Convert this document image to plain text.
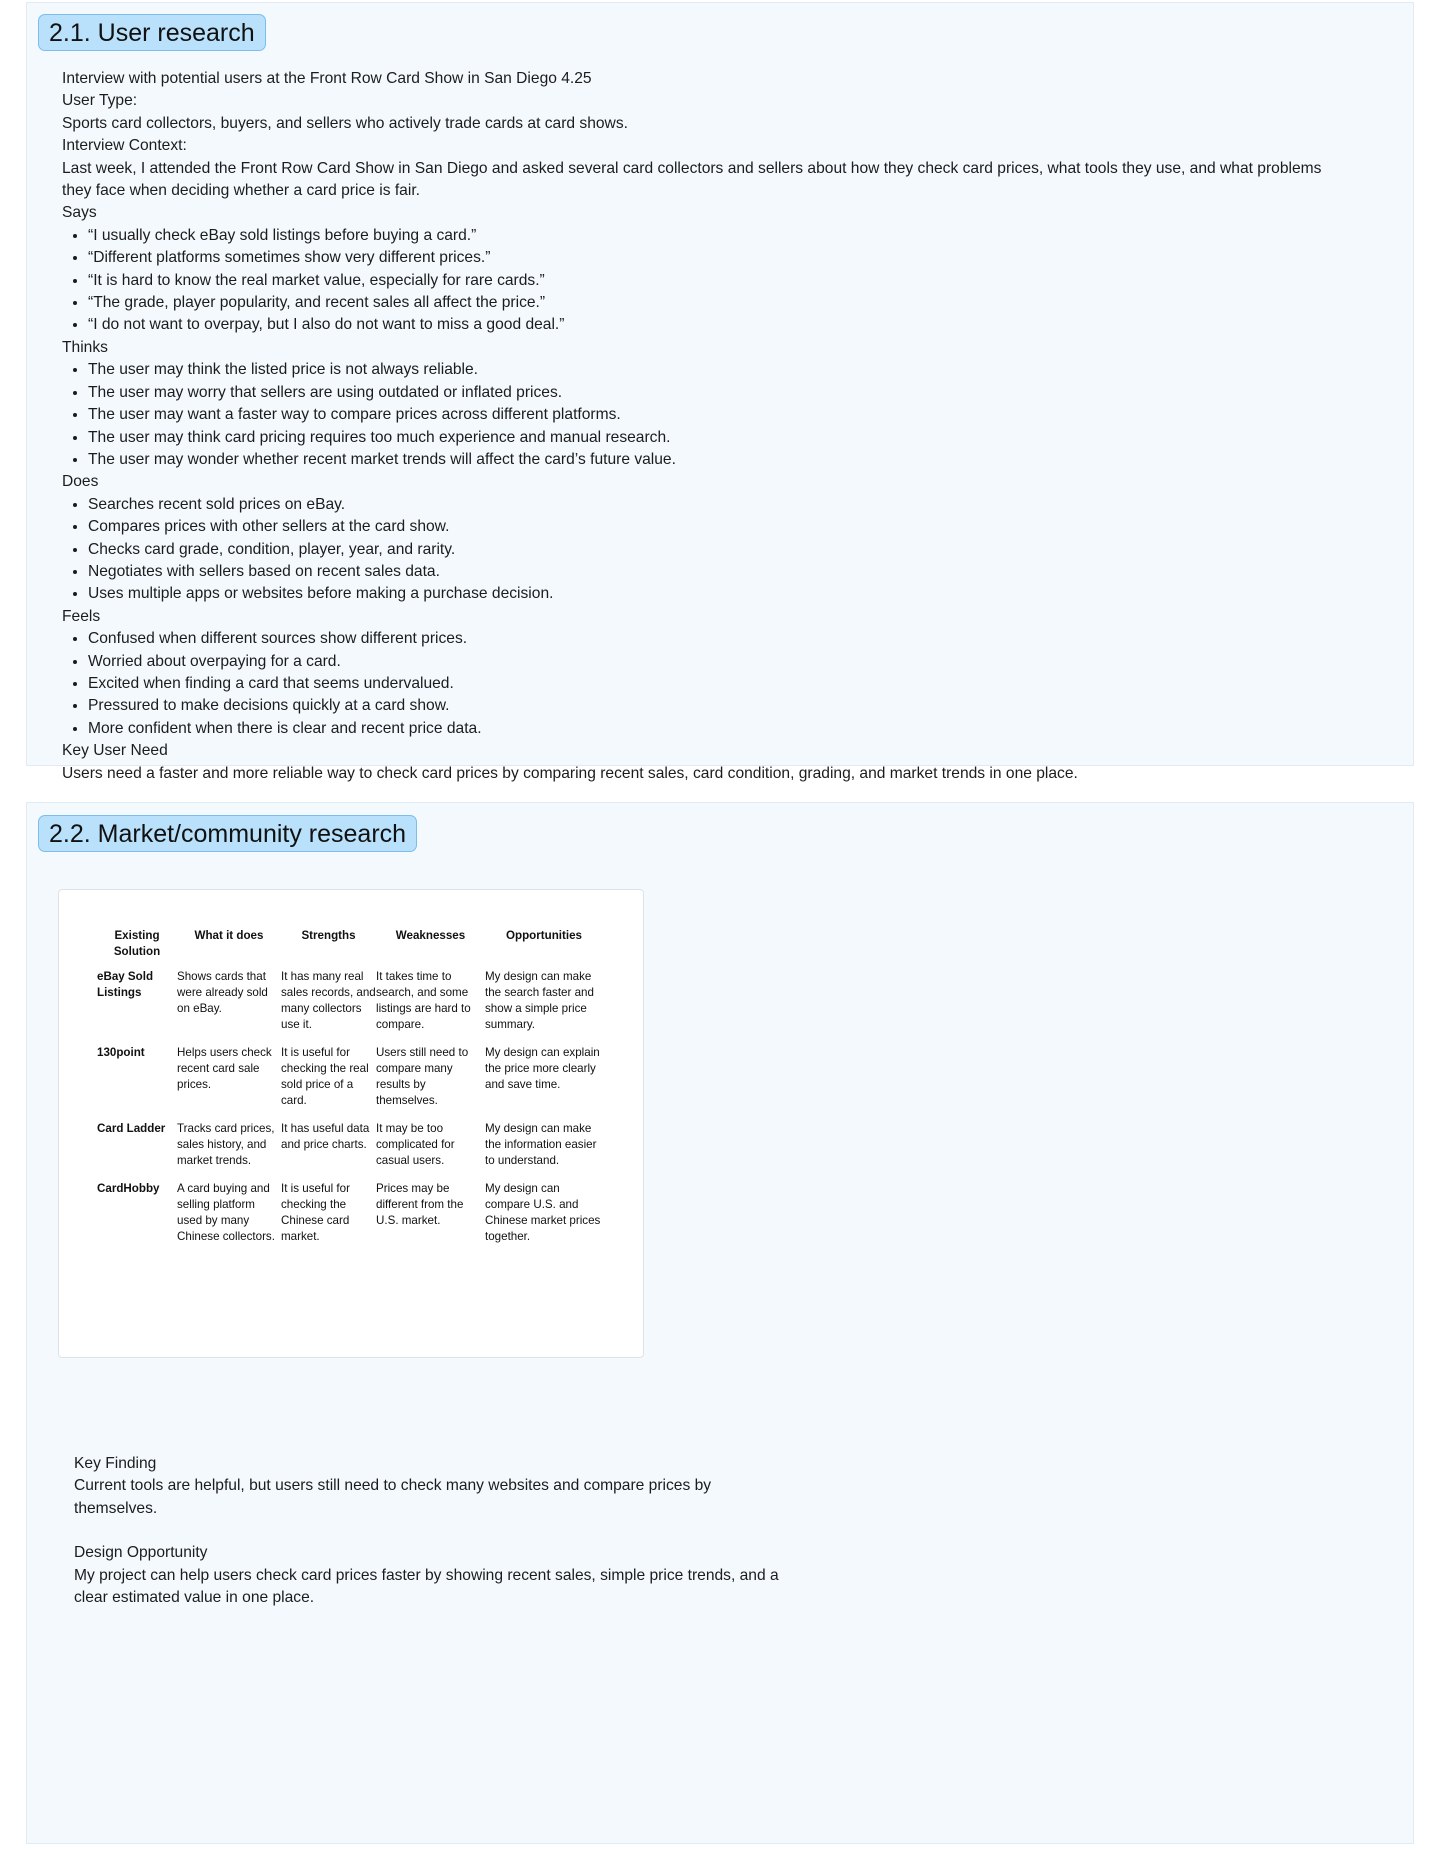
2.1. User research

Interview with potential users at the Front Row Card Show in San Diego 4.25

User Type:

Sports card collectors, buyers, and sellers who actively trade cards at card shows.

Interview Context:

Last week, I attended the Front Row Card Show in San Diego and asked several card collectors and sellers about how they check card prices, what tools they use, and what problems they face when deciding whether a card price is fair.

Says

• “I usually check eBay sold listings before buying a card.”
• “Different platforms sometimes show very different prices.”
• “It is hard to know the real market value, especially for rare cards.”
• “The grade, player popularity, and recent sales all affect the price.”
• “I do not want to overpay, but I also do not want to miss a good deal.”

Thinks

• The user may think the listed price is not always reliable.
• The user may worry that sellers are using outdated or inflated prices.
• The user may want a faster way to compare prices across different platforms.
• The user may think card pricing requires too much experience and manual research.
• The user may wonder whether recent market trends will affect the card’s future value.

Does

• Searches recent sold prices on eBay.
• Compares prices with other sellers at the card show.
• Checks card grade, condition, player, year, and rarity.
• Negotiates with sellers based on recent sales data.
• Uses multiple apps or websites before making a purchase decision.

Feels

• Confused when different sources show different prices.
• Worried about overpaying for a card.
• Excited when finding a card that seems undervalued.
• Pressured to make decisions quickly at a card show.
• More confident when there is clear and recent price data.

Key User Need

Users need a faster and more reliable way to check card prices by comparing recent sales, card condition, grading, and market trends in one place.

2.2. Market/community research
Existing Solution	What it does	Strengths	Weaknesses	Opportunities
eBay Sold Listings	Shows cards that were already sold on eBay.	It has many real sales records, and many collectors use it.	It takes time to search, and some listings are hard to compare.	My design can make the search faster and show a simple price summary.
130point	Helps users check recent card sale prices.	It is useful for checking the real sold price of a card.	Users still need to compare many results by themselves.	My design can explain the price more clearly and save time.
Card Ladder	Tracks card prices, sales history, and market trends.	It has useful data and price charts.	It may be too complicated for casual users.	My design can make the information easier to understand.
CardHobby	A card buying and selling platform used by many Chinese collectors.	It is useful for checking the Chinese card market.	Prices may be different from the U.S. market.	My design can compare U.S. and Chinese market prices together.

Key Finding

Current tools are helpful, but users still need to check many websites and compare prices by themselves.

Design Opportunity

My project can help users check card prices faster by showing recent sales, simple price trends, and a clear estimated value in one place.
